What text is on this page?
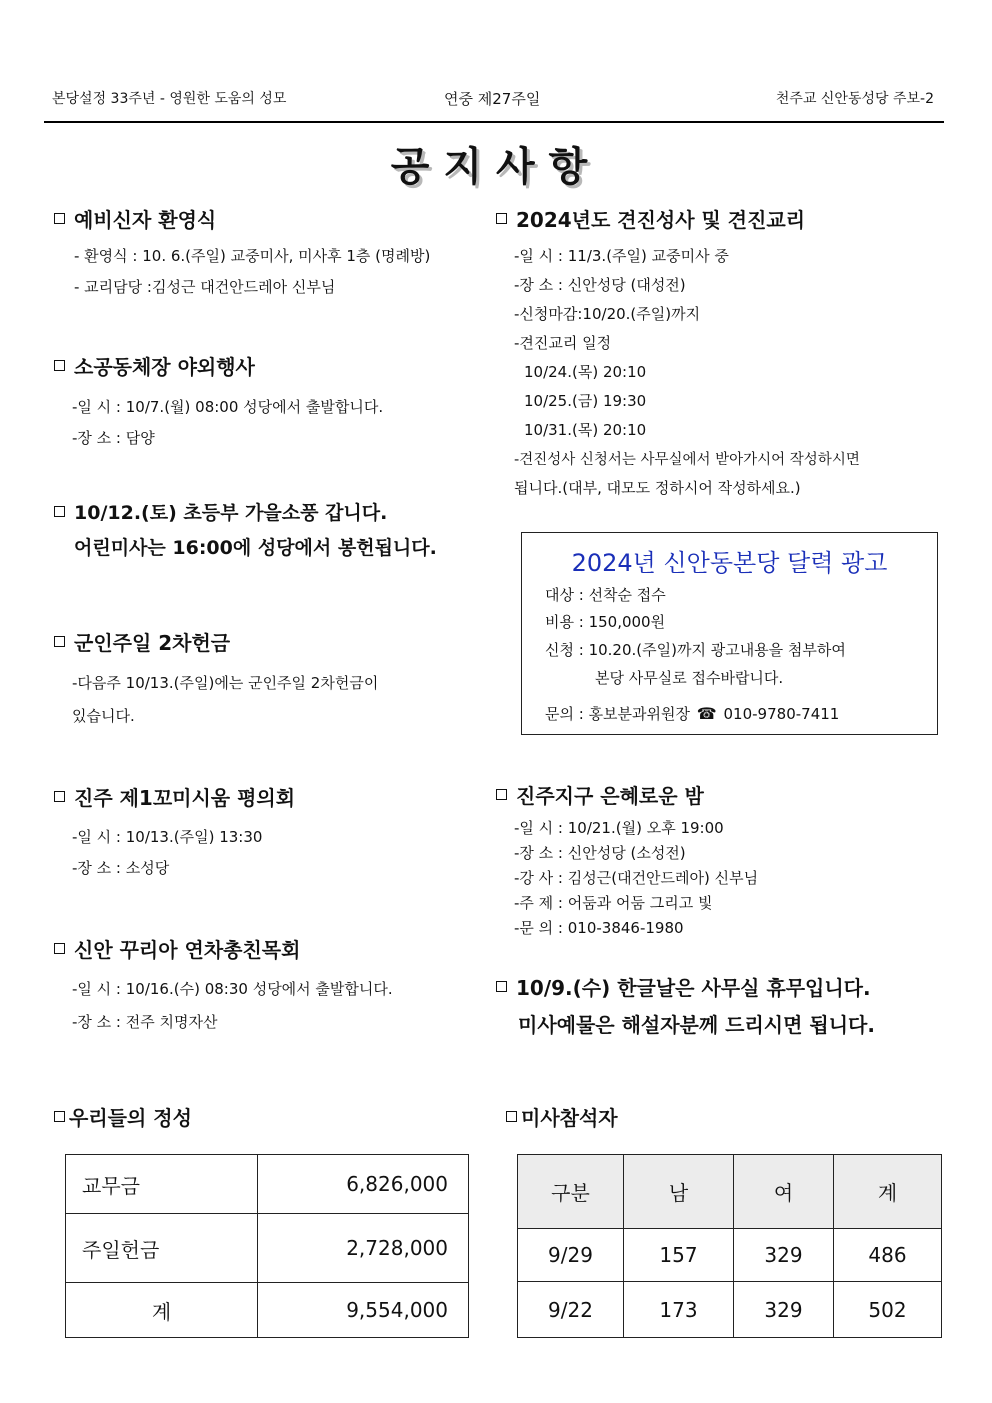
본당설정 33주년 - 영원한 도움의 성모	연중 제27주일	천주교 신안동성당 주보-2
공지사항
예비신자 환영식
- 환영식 : 10. 6.(주일) 교중미사, 미사후 1층 (명례방)
- 교리담당 :김성근 대건안드레아 신부님
소공동체장 야외행사
-일 시 : 10/7.(월) 08:00 성당에서 출발합니다.
-장 소 : 담양
10/12.(토) 초등부 가을소풍 갑니다.
어린미사는 16:00에 성당에서 봉헌됩니다.
군인주일 2차헌금
-다음주 10/13.(주일)에는 군인주일 2차헌금이
있습니다.
진주 제1꼬미시움 평의회
-일 시 : 10/13.(주일) 13:30
-장 소 : 소성당
신안 꾸리아 연차총친목회
-일 시 : 10/16.(수) 08:30 성당에서 출발합니다.
-장 소 : 전주 치명자산
2024년도 견진성사 및 견진교리
-일 시 : 11/3.(주일) 교중미사 중
-장 소 : 신안성당 (대성전)
-신청마감:10/20.(주일)까지
-견진교리 일정
10/24.(목) 20:10
10/25.(금) 19:30
10/31.(목) 20:10
-견진성사 신청서는 사무실에서 받아가시어 작성하시면
됩니다.(대부, 대모도 정하시어 작성하세요.)
2024년 신안동본당 달력 광고
대상 : 선착순 접수
비용 : 150,000원
신청 : 10.20.(주일)까지 광고내용을 첨부하여
본당 사무실로 접수바랍니다.
문의 : 홍보분과위원장 ☎ 010-9780-7411
진주지구 은혜로운 밤
-일 시 : 10/21.(월) 오후 19:00
-장 소 : 신안성당 (소성전)
-강 사 : 김성근(대건안드레아) 신부님
-주 제 : 어둠과 어둠 그리고 빛
-문 의 : 010-3846-1980
10/9.(수) 한글날은 사무실 휴무입니다.
미사예물은 해설자분께 드리시면 됩니다.
우리들의 정성
교무금	6,826,000
주일헌금	2,728,000
계	9,554,000
미사참석자
구분	남	여	계
9/29	157	329	486
9/22	173	329	502
